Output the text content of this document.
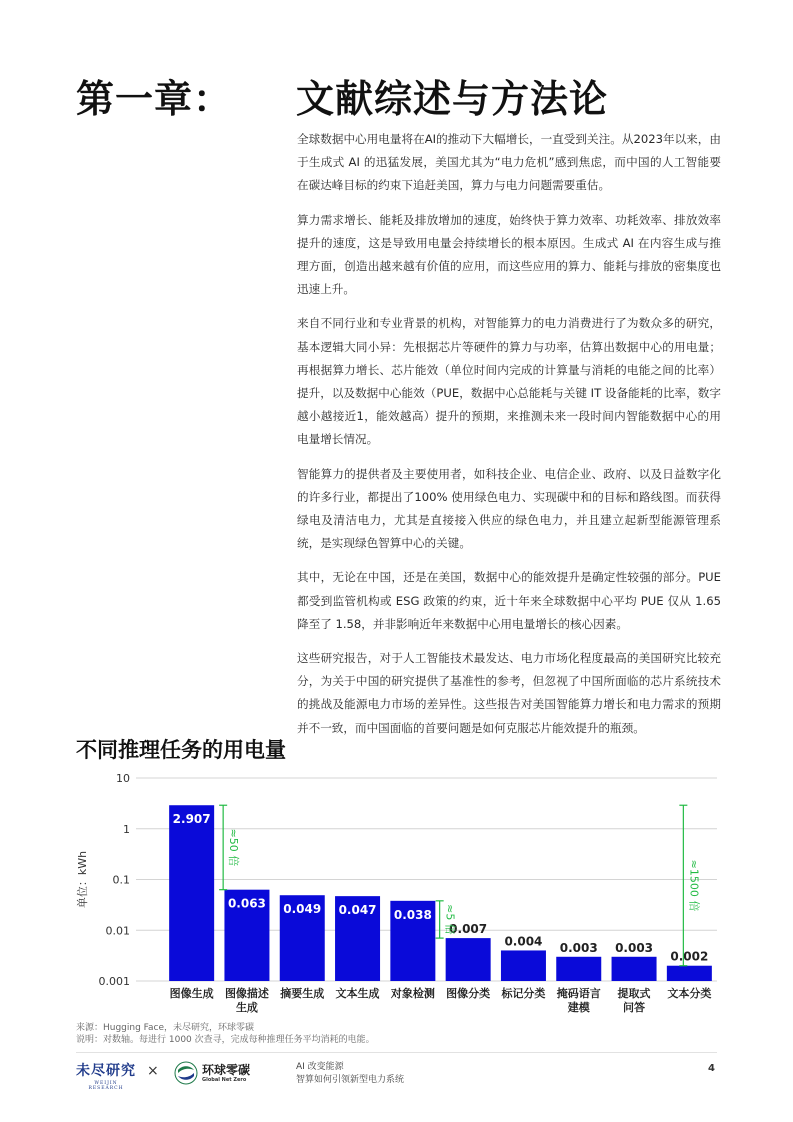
第一章： 文献综述与方法论

全球数据中心用电量将在AI的推动下大幅增长，一直受到关注。从2023年以来，由于生成式 AI 的迅猛发展，美国尤其为“电力危机”感到焦虑，而中国的人工智能要在碳达峰目标的约束下追赶美国，算力与电力问题需要重估。

算力需求增长、能耗及排放增加的速度，始终快于算力效率、功耗效率、排放效率提升的速度，这是导致用电量会持续增长的根本原因。生成式 AI 在内容生成与推理方面，创造出越来越有价值的应用，而这些应用的算力、能耗与排放的密集度也迅速上升。

来自不同行业和专业背景的机构，对智能算力的电力消费进行了为数众多的研究，基本逻辑大同小异：先根据芯片等硬件的算力与功率，估算出数据中心的用电量；再根据算力增长、芯片能效（单位时间内完成的计算量与消耗的电能之间的比率）提升，以及数据中心能效（PUE，数据中心总能耗与关键 IT 设备能耗的比率，数字越小越接近1，能效越高）提升的预期，来推测未来一段时间内智能数据中心的用电量增长情况。

智能算力的提供者及主要使用者，如科技企业、电信企业、政府、以及日益数字化的许多行业，都提出了100% 使用绿色电力、实现碳中和的目标和路线图。而获得绿电及清洁电力，尤其是直接接入供应的绿色电力，并且建立起新型能源管理系统，是实现绿色智算中心的关键。

其中，无论在中国，还是在美国，数据中心的能效提升是确定性较强的部分。PUE 都受到监管机构或 ESG 政策的约束，近十年来全球数据中心平均 PUE 仅从 1.65 降至了 1.58，并非影响近年来数据中心用电量增长的核心因素。

这些研究报告，对于人工智能技术最发达、电力市场化程度最高的美国研究比较充分，为关于中国的研究提供了基准性的参考，但忽视了中国所面临的芯片系统技术的挑战及能源电力市场的差异性。这些报告对美国智能算力增长和电力需求的预期并不一致，而中国面临的首要问题是如何克服芯片能效提升的瓶颈。

不同推理任务的用电量
10
1
0.1
0.01
0.001
单位：kWh
2.907
图像生成
0.063
图像描述
生成
0.049
摘要生成
0.047
文本生成
0.038
对象检测
0.007
图像分类
0.004
标记分类
0.003
掩码语言
建模
0.003
提取式
问答
0.002
文本分类
≈50 倍
≈5 倍
≈1500 倍
来源：Hugging Face，未尽研究，环球零碳
说明：对数轴。每进行 1000 次查寻，完成每种推理任务平均消耗的电能。
未尽研究
WEIJIN RESEARCH
×	环球零碳
Global Net Zero
AI 改变能源
智算如何引领新型电力系统
4
